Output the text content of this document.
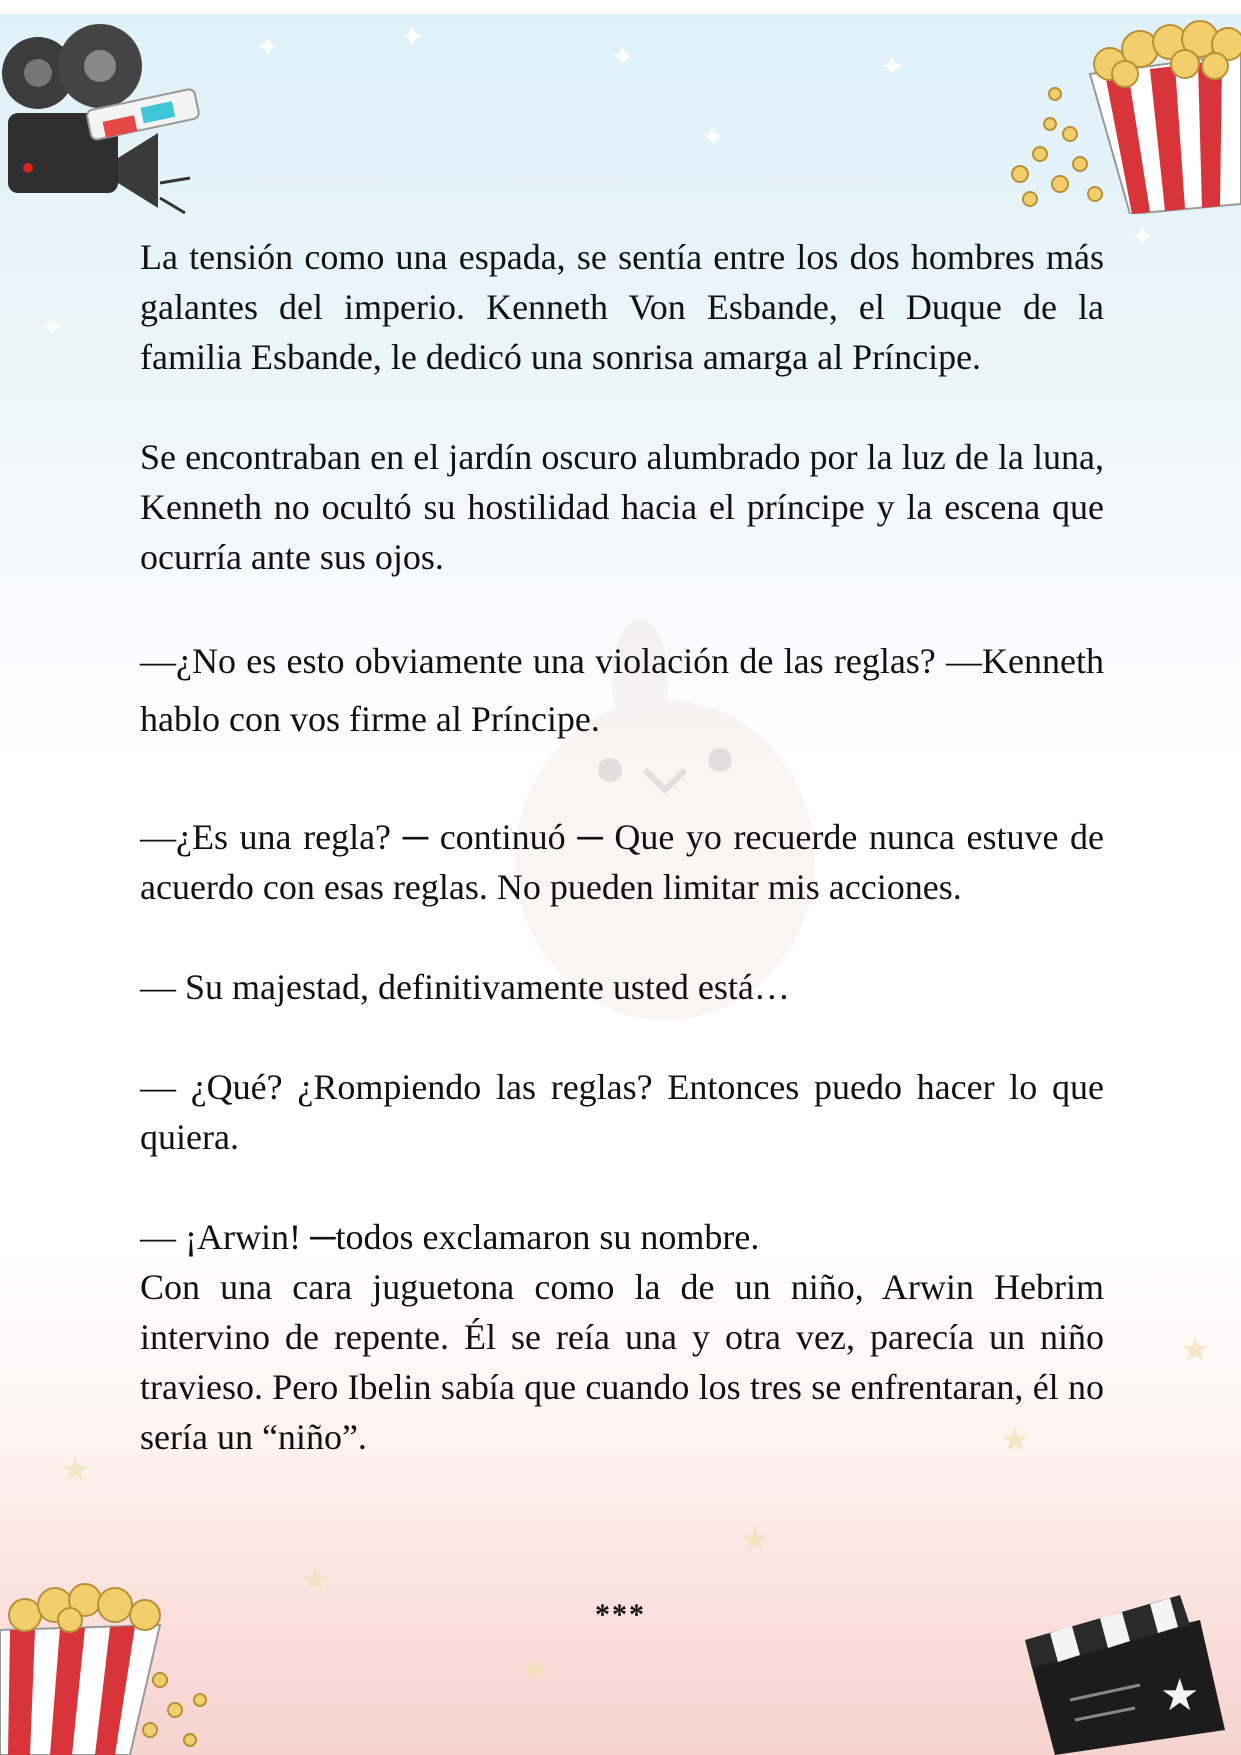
✦	✦
✦	✦
✦
✦
✦
★
★
★
★
★
★	★

La tensión como una espada, se sentía entre los dos hombres más galantes del imperio. Kenneth Von Esbande, el Duque de la familia Esbande, le dedicó una sonrisa amarga al Príncipe.

Se encontraban en el jardín oscuro alumbrado por la luz de la luna, Kenneth no ocultó su hostilidad hacia el príncipe y la escena que ocurría ante sus ojos.

—¿No es esto obviamente una violación de las reglas? —Kenneth hablo con vos firme al Príncipe.

—¿Es una regla? ─ continuó ─ Que yo recuerde nunca estuve de acuerdo con esas reglas. No pueden limitar mis acciones.

— Su majestad, definitivamente usted está…

— ¿Qué? ¿Rompiendo las reglas? Entonces puedo hacer lo que quiera.

— ¡Arwin! ─todos exclamaron su nombre.

Con una cara juguetona como la de un niño, Arwin Hebrim intervino de repente. Él se reía una y otra vez, parecía un niño travieso. Pero Ibelin sabía que cuando los tres se enfrentaran, él no sería un “niño”.

***
